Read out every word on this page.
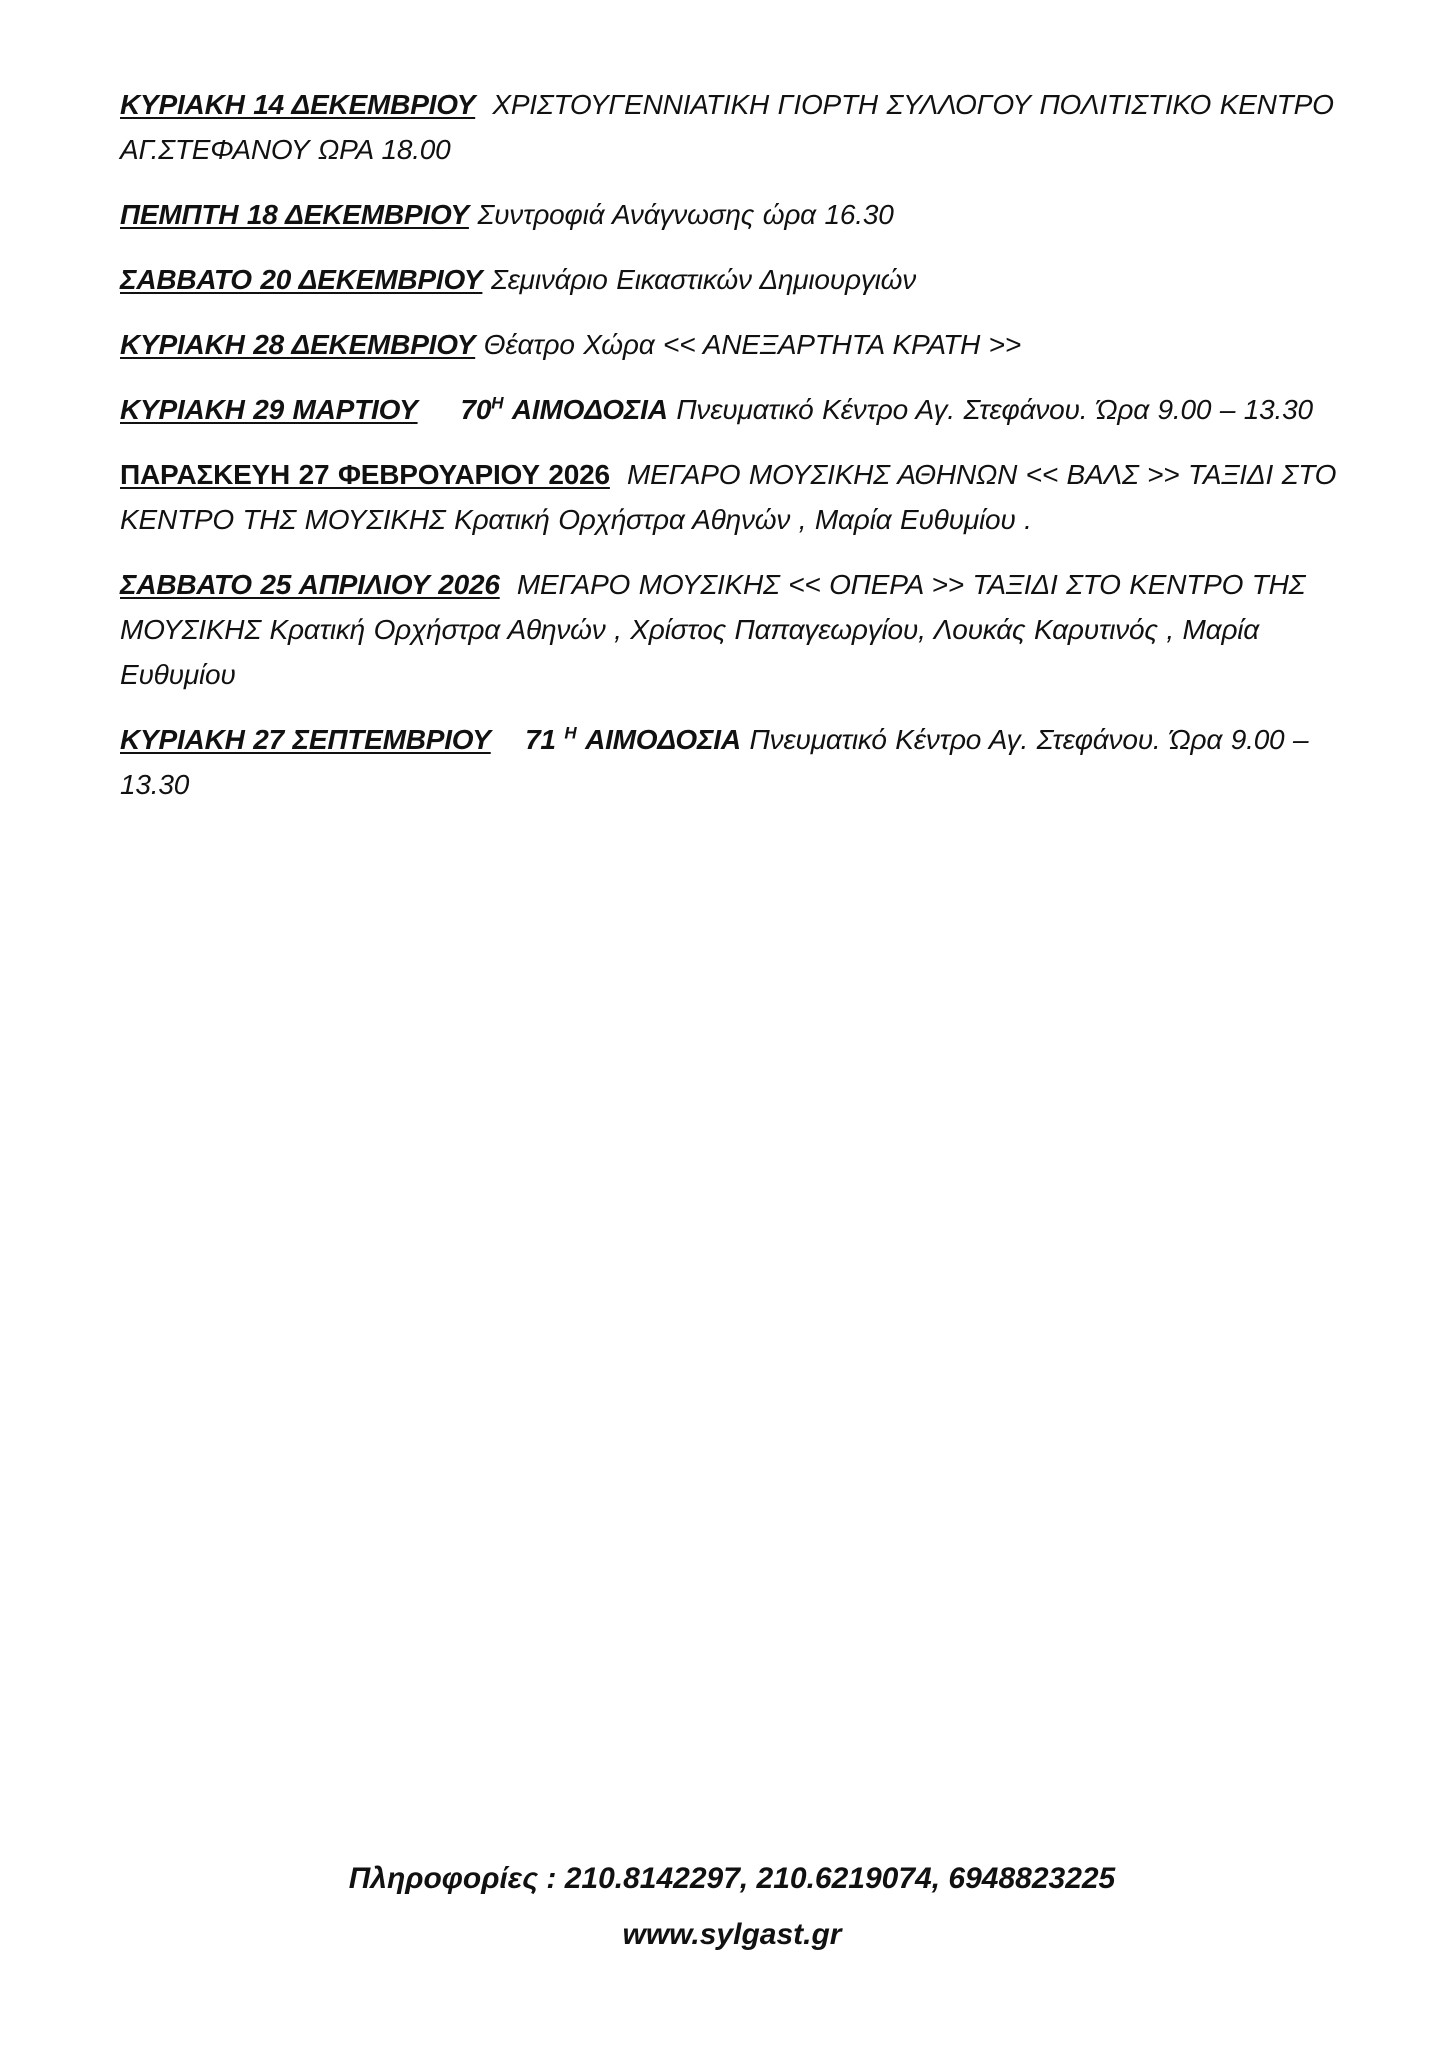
ΚΥΡΙΑΚΗ 14 ΔΕΚΕΜΒΡΙΟΥ ΧΡΙΣΤΟΥΓΕΝΝΙΑΤΙΚΗ ΓΙΟΡΤΗ ΣΥΛΛΟΓΟΥ ΠΟΛΙΤΙΣΤΙΚΟ ΚΕΝΤΡΟ ΑΓ.ΣΤΕΦΑΝΟΥ ΩΡΑ 18.00

ΠΕΜΠΤΗ 18 ΔΕΚΕΜΒΡΙΟΥ Συντροφιά Ανάγνωσης ώρα 16.30

ΣΑΒΒΑΤΟ 20 ΔΕΚΕΜΒΡΙΟΥ Σεμινάριο Εικαστικών Δημιουργιών

ΚΥΡΙΑΚΗ 28 ΔΕΚΕΜΒΡΙΟΥ Θέατρο Χώρα << ΑΝΕΞΑΡΤΗΤΑ ΚΡΑΤΗ >>

ΚΥΡΙΑΚΗ 29 ΜΑΡΤΙΟΥ $70^H$ ΑΙΜΟΔΟΣΙΑ Πνευματικό Κέντρο Αγ. Στεφάνου. Ώρα 9.00 – 13.30

ΠΑΡΑΣΚΕΥΗ 27 ΦΕΒΡΟΥΑΡΙΟΥ 2026 ΜΕΓΑΡΟ ΜΟΥΣΙΚΗΣ ΑΘΗΝΩΝ << ΒΑΛΣ >> ΤΑΞΙΔΙ ΣΤΟ ΚΕΝΤΡΟ ΤΗΣ ΜΟΥΣΙΚΗΣ Κρατική Ορχήστρα Αθηνών , Μαρία Ευθυμίου .

ΣΑΒΒΑΤΟ 25 ΑΠΡΙΛΙΟΥ 2026 ΜΕΓΑΡΟ ΜΟΥΣΙΚΗΣ << ΟΠΕΡΑ >> ΤΑΞΙΔΙ ΣΤΟ ΚΕΝΤΡΟ ΤΗΣ ΜΟΥΣΙΚΗΣ Κρατική Ορχήστρα Αθηνών , Χρίστος Παπαγεωργίου, Λουκάς Καρυτινός , Μαρία Ευθυμίου

ΚΥΡΙΑΚΗ 27 ΣΕΠΤΕΜΒΡΙΟΥ 71 $^H$ ΑΙΜΟΔΟΣΙΑ Πνευματικό Κέντρο Αγ. Στεφάνου. Ώρα 9.00 – 13.30

Πληροφορίες : 210.8142297, 210.6219074, 6948823225
www.sylgast.gr
